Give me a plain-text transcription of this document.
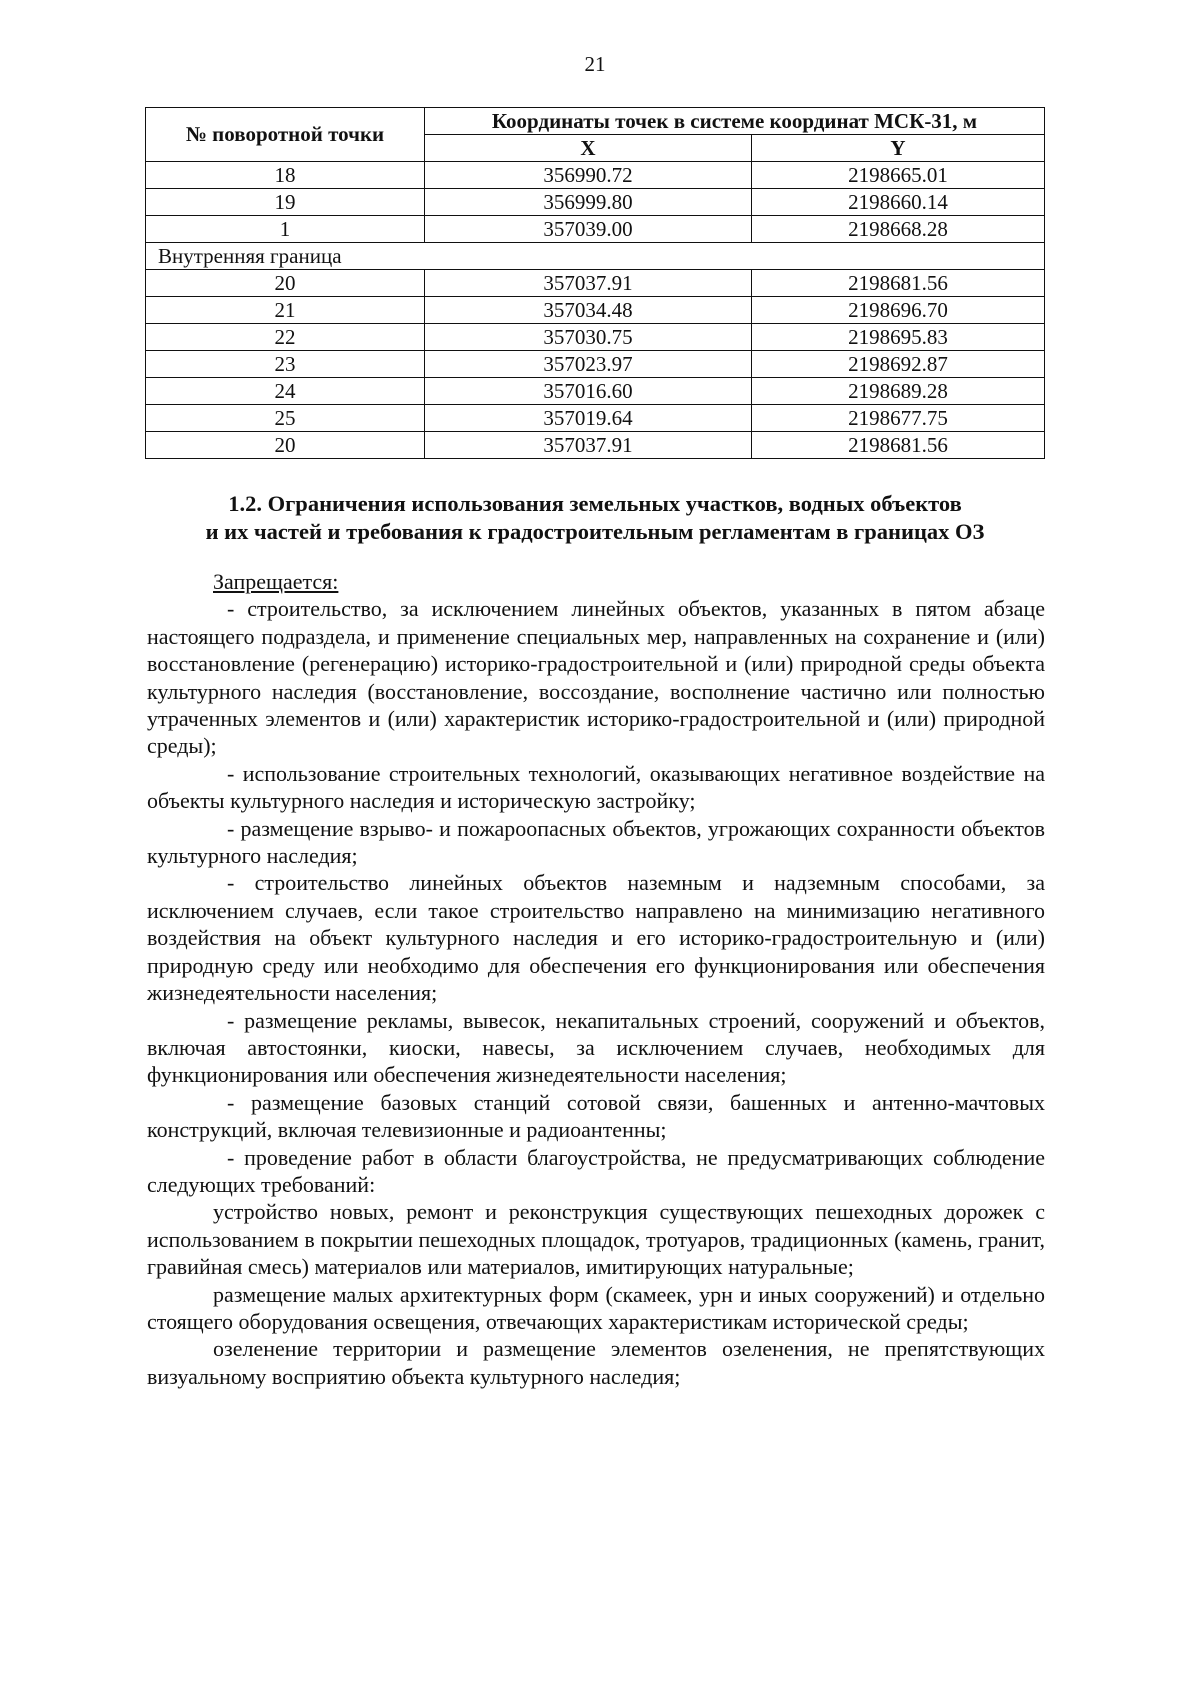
21
№ поворотной точки	Координаты точек в системе координат МСК-31, м	
	X	Y
18	356990.72	2198665.01
19	356999.80	2198660.14
1	357039.00	2198668.28
Внутренняя граница		
20	357037.91	2198681.56
21	357034.48	2198696.70
22	357030.75	2198695.83
23	357023.97	2198692.87
24	357016.60	2198689.28
25	357019.64	2198677.75
20	357037.91	2198681.56
1.2. Ограничения использования земельных участков, водных объектов
и их частей и требования к градостроительным регламентам в границах ОЗ

Запрещается:

- строительство, за исключением линейных объектов, указанных в пятом абзаце настоящего подраздела, и применение специальных мер, направленных на сохранение и (или) восстановление (регенерацию) историко-градостроительной и (или) природной среды объекта культурного наследия (восстановление, воссоздание, восполнение частично или полностью утраченных элементов и (или) характеристик историко-градостроительной и (или) природной среды);

- использование строительных технологий, оказывающих негативное воздействие на объекты культурного наследия и историческую застройку;

- размещение взрыво- и пожароопасных объектов, угрожающих сохранности объектов культурного наследия;

- строительство линейных объектов наземным и надземным способами, за исключением случаев, если такое строительство направлено на минимизацию негативного воздействия на объект культурного наследия и его историко-градостроительную и (или) природную среду или необходимо для обеспечения его функционирования или обеспечения жизнедеятельности населения;

- размещение рекламы, вывесок, некапитальных строений, сооружений и объектов, включая автостоянки, киоски, навесы, за исключением случаев, необходимых для функционирования или обеспечения жизнедеятельности населения;

- размещение базовых станций сотовой связи, башенных и антенно-мачтовых конструкций, включая телевизионные и радиоантенны;

- проведение работ в области благоустройства, не предусматривающих соблюдение следующих требований:

устройство новых, ремонт и реконструкция существующих пешеходных дорожек с использованием в покрытии пешеходных площадок, тротуаров, традиционных (камень, гранит, гравийная смесь) материалов или материалов, имитирующих натуральные;

размещение малых архитектурных форм (скамеек, урн и иных сооружений) и отдельно стоящего оборудования освещения, отвечающих характеристикам исторической среды;

озеленение территории и размещение элементов озеленения, не препятствующих визуальному восприятию объекта культурного наследия;
